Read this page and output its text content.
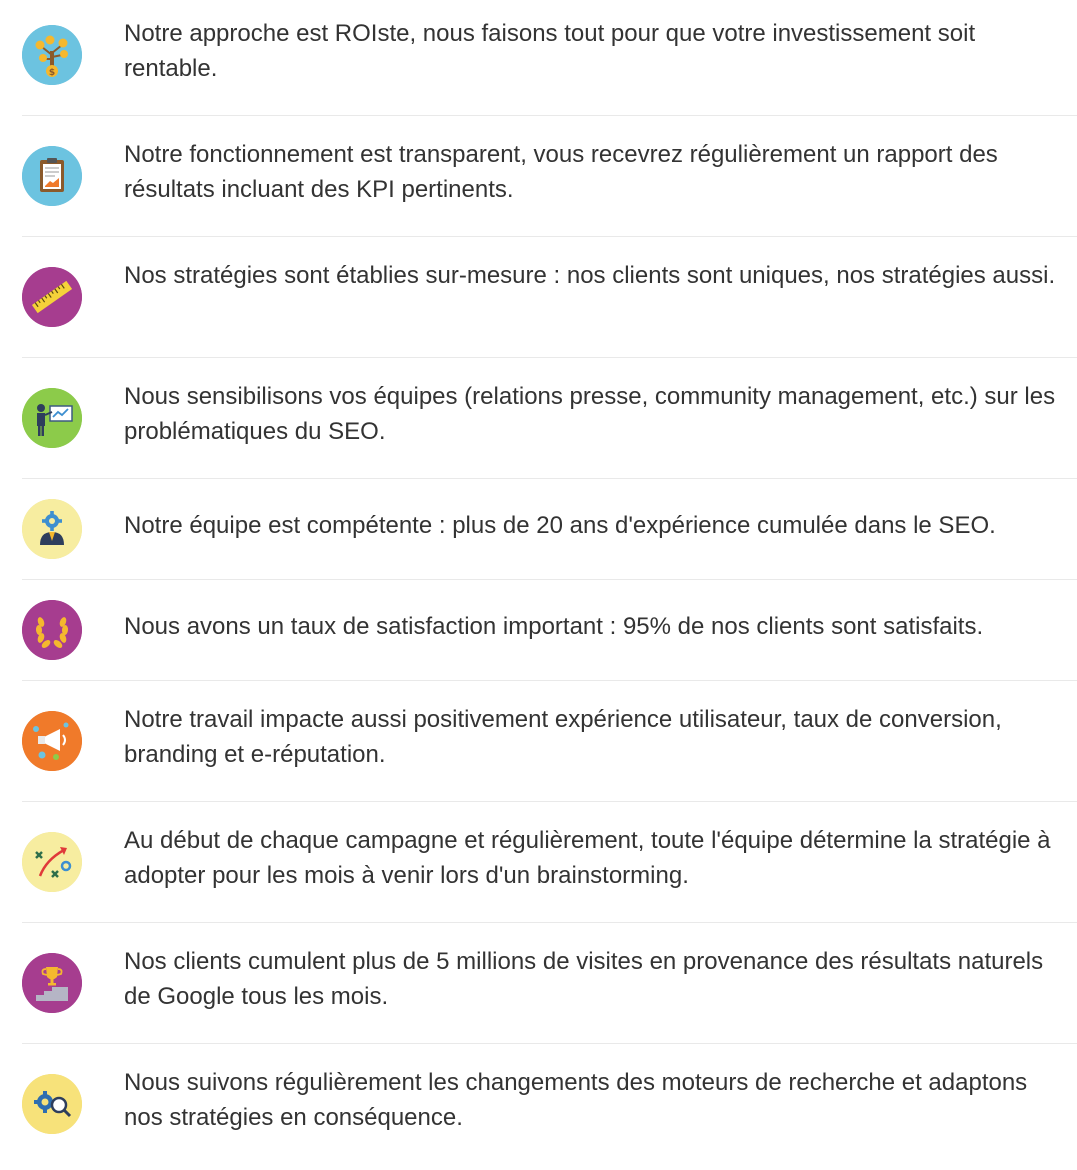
$

Notre approche est ROIste, nous faisons tout pour que votre investissement soit rentable.

Notre fonctionnement est transparent, vous recevrez régulièrement un rapport des résultats incluant des KPI pertinents.

Nos stratégies sont établies sur-mesure : nos clients sont uniques, nos stratégies aussi.

Nous sensibilisons vos équipes (relations presse, community management, etc.) sur les problématiques du SEO.

Notre équipe est compétente : plus de 20 ans d'expérience cumulée dans le SEO.

Nous avons un taux de satisfaction important : 95% de nos clients sont satisfaits.

Notre travail impacte aussi positivement expérience utilisateur, taux de conversion, branding et e-réputation.

Au début de chaque campagne et régulièrement, toute l'équipe détermine la stratégie à adopter pour les mois à venir lors d'un brainstorming.

Nos clients cumulent plus de 5 millions de visites en provenance des résultats naturels de Google tous les mois.

Nous suivons régulièrement les changements des moteurs de recherche et adaptons nos stratégies en conséquence.
